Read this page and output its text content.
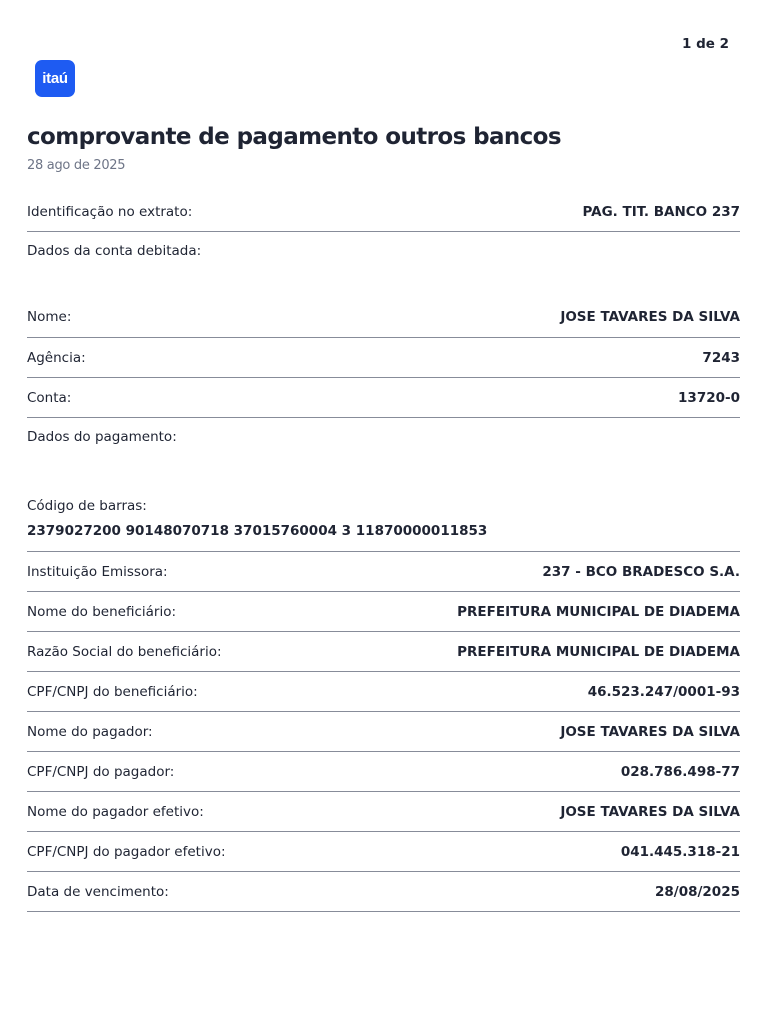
1 de 2
itaú
comprovante de pagamento outros bancos
28 ago de 2025
Identificação no extrato:	PAG. TIT. BANCO 237
Dados da conta debitada:
Nome:	JOSE TAVARES DA SILVA
Agência:	7243
Conta:	13720-0
Dados do pagamento:
Código de barras:
2379027200 90148070718 37015760004 3 11870000011853
Instituição Emissora:	237 - BCO BRADESCO S.A.
Nome do beneficiário:	PREFEITURA MUNICIPAL DE DIADEMA
Razão Social do beneficiário:	PREFEITURA MUNICIPAL DE DIADEMA
CPF/CNPJ do beneficiário:	46.523.247/0001-93
Nome do pagador:	JOSE TAVARES DA SILVA
CPF/CNPJ do pagador:	028.786.498-77
Nome do pagador efetivo:	JOSE TAVARES DA SILVA
CPF/CNPJ do pagador efetivo:	041.445.318-21
Data de vencimento:	28/08/2025
